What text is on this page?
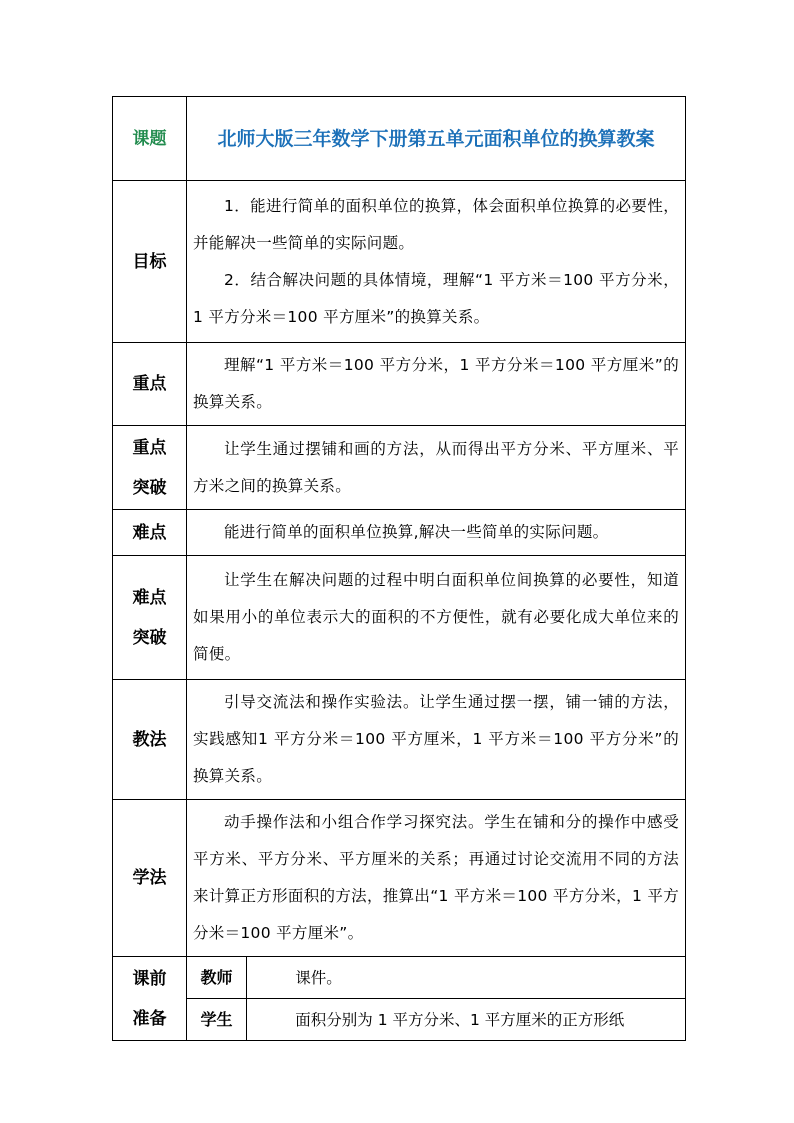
课题	北师大版三年数学下册第五单元面积单位的换算教案	
目标	1．能进行简单的面积单位的换算，体会面积单位换算的必要性，并能解决一些简单的实际问题。

2．结合解决问题的具体情境，理解“1 平方米＝100 平方分米，1 平方分米＝100 平方厘米”的换算关系。	

重点	理解“1 平方米＝100 平方分米，1 平方分米＝100 平方厘米”的换算关系。	

重点
突破	让学生通过摆铺和画的方法，从而得出平方分米、平方厘米、平方米之间的换算关系。	

难点	能进行简单的面积单位换算,解决一些简单的实际问题。	

难点
突破	让学生在解决问题的过程中明白面积单位间换算的必要性，知道如果用小的单位表示大的面积的不方便性，就有必要化成大单位来的简便。	

教法	引导交流法和操作实验法。让学生通过摆一摆，铺一铺的方法，实践感知1 平方分米＝100 平方厘米，1 平方米＝100 平方分米”的换算关系。	

学法	动手操作法和小组合作学习探究法。学生在铺和分的操作中感受平方米、平方分米、平方厘米的关系；再通过讨论交流用不同的方法来计算正方形面积的方法，推算出“1 平方米＝100 平方分米，1 平方分米＝100 平方厘米”。	

课前
准备	教师	课件。
	学生	面积分别为 1 平方分米、1 平方厘米的正方形纸
